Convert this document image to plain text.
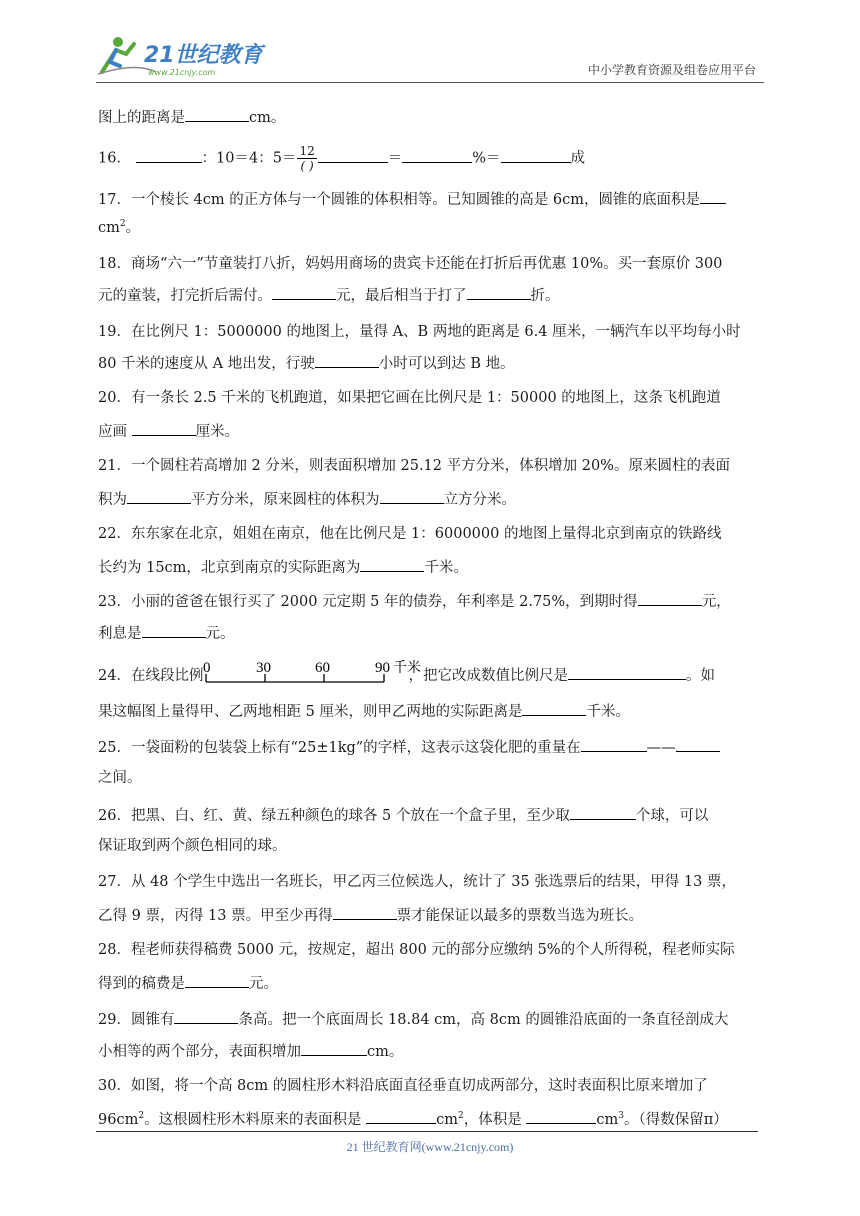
21世纪教育
www.21cnjy.com	中小学教育资源及组卷应用平台
图上的距离是	cm。
16．	：10＝4：$5= \frac{12}{( )}$	＝	%＝	成
17．一个棱长 4cm 的正方体与一个圆锥的体积相等。已知圆锥的高是 6cm，圆锥的底面积是
$cm^2$。
18．商场“六一”节童装打八折，妈妈用商场的贵宾卡还能在打折后再优惠 10%。买一套原价 300
元的童装，打完折后需付。	元，最后相当于打了	折。
19．在比例尺 1：5000000 的地图上，量得 A、B 两地的距离是 6.4 厘米，一辆汽车以平均每小时
80 千米的速度从 A 地出发，行驶	小时可以到达 B 地。
20．有一条长 2.5 千米的飞机跑道，如果把它画在比例尺是 1：50000 的地图上，这条飞机跑道
应画	厘米。
21．一个圆柱若高增加 2 分米，则表面积增加 25.12 平方分米，体积增加 20%。原来圆柱的表面
积为	平方分米，原来圆柱的体积为	立方分米。
22．东东家在北京，姐姐在南京，他在比例尺是 1：6000000 的地图上量得北京到南京的铁路线
长约为 15cm，北京到南京的实际距离为	千米。
23．小丽的爸爸在银行买了 2000 元定期 5 年的债券，年利率是 2.75%，到期时得	元，
利息是	元。
24．在线段比例 0	30	60	90 千米
，把它改成数值比例尺是	。如
果这幅图上量得甲、乙两地相距 5 厘米，则甲乙两地的实际距离是	千米。
25．一袋面粉的包装袋上标有“25±1kg”的字样，这表示这袋化肥的重量在	——
之间。
26．把黑、白、红、黄、绿五种颜色的球各 5 个放在一个盒子里，至少取	个球，可以
保证取到两个颜色相同的球。
27．从 48 个学生中选出一名班长，甲乙丙三位候选人，统计了 35 张选票后的结果，甲得 13 票，
乙得 9 票，丙得 13 票。甲至少再得	票才能保证以最多的票数当选为班长。
28．程老师获得稿费 5000 元，按规定，超出 800 元的部分应缴纳 5%的个人所得税，程老师实际
得到的稿费是	元。
29．圆锥有	条高。把一个底面周长 18.84 cm，高 8cm 的圆锥沿底面的一条直径剖成大
小相等的两个部分，表面积增加	cm。
30．如图，将一个高 8cm 的圆柱形木料沿底面直径垂直切成两部分，这时表面积比原来增加了
$96cm^2$。这根圆柱形木料原来的表面积是	$cm^2$，体积是	$cm^3$。（得数保留π）
21 世纪教育网(www.21cnjy.com)
